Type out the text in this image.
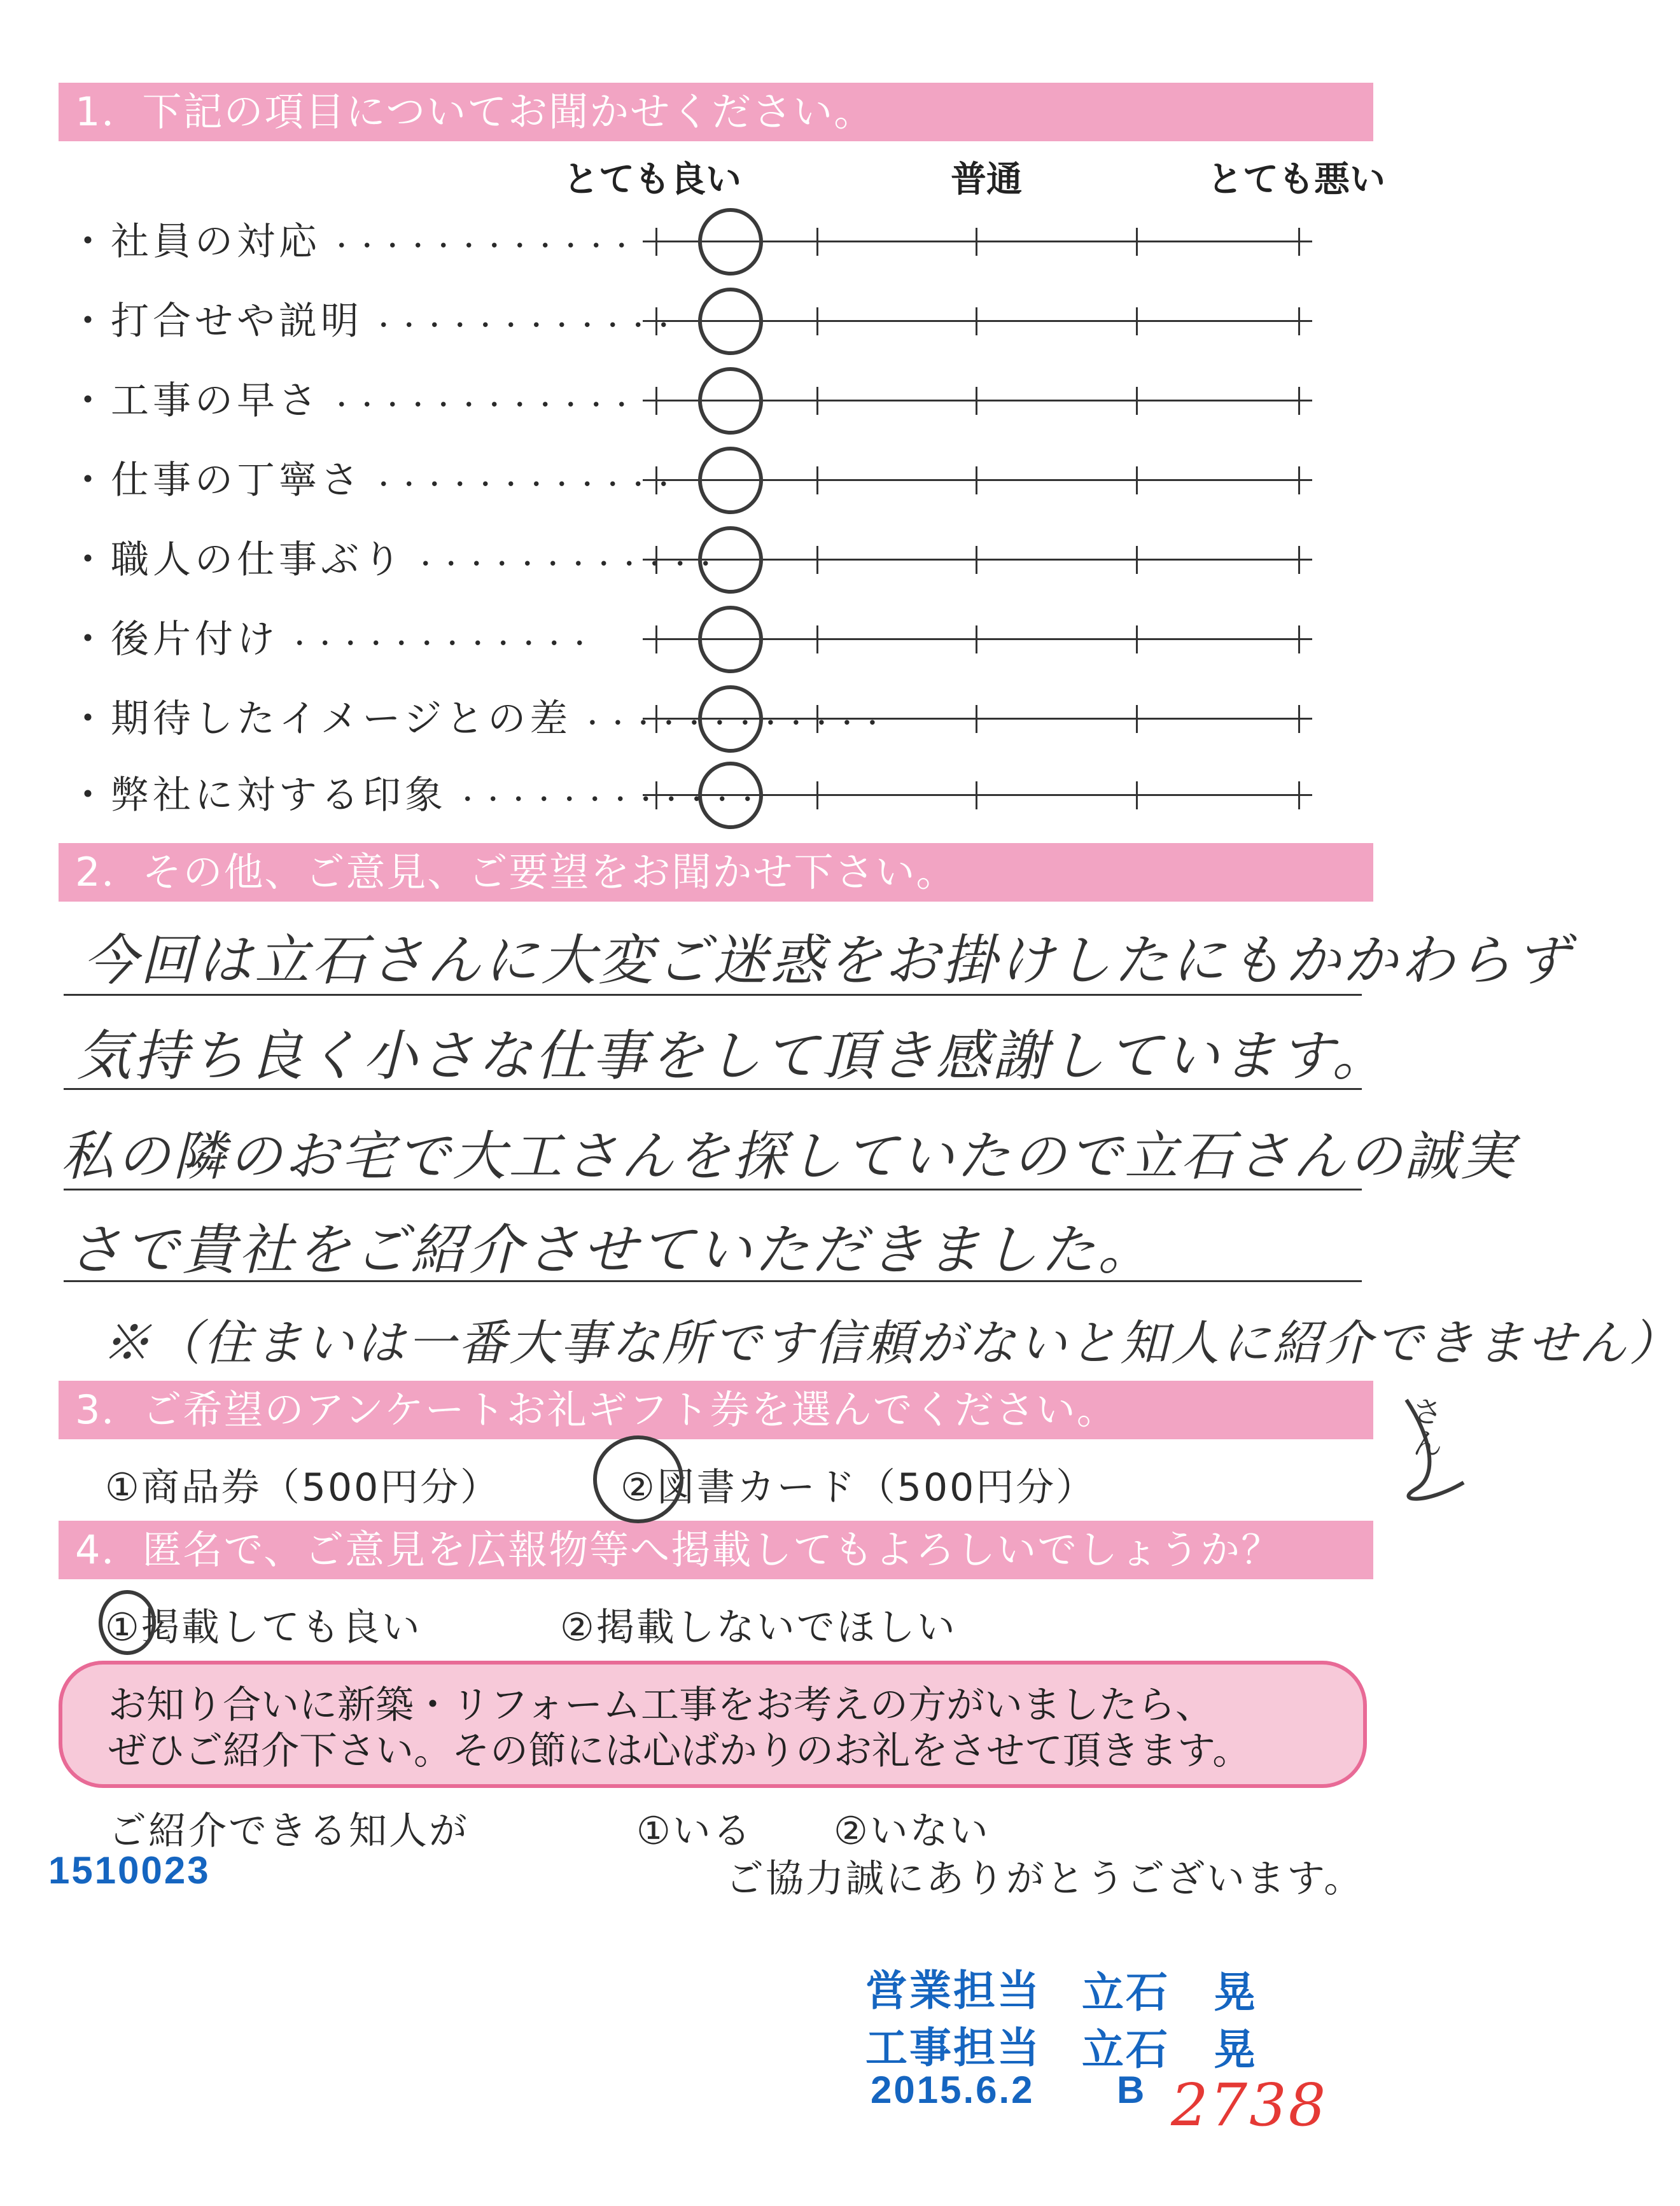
1．下記の項目についてお聞かせください。
とても良い	普通	とても悪い
・社員の対応 ・・・・・・・・・・・・
・打合せや説明 ・・・・・・・・・・・・
・工事の早さ ・・・・・・・・・・・・
・仕事の丁寧さ ・・・・・・・・・・・・
・職人の仕事ぶり ・・・・・・・・・・・・
・後片付け ・・・・・・・・・・・・
・期待したイメージとの差 ・・・・・・・・・・・・
・弊社に対する印象 ・・・・・・・・・・・・
2．その他、ご意見、ご要望をお聞かせ下さい。
今回は立石さんに大変ご迷惑をお掛けしたにもかかわらず
気持ち良く小さな仕事をして頂き感謝しています。
私の隣のお宅で大工さんを探していたので立石さんの誠実
さで貴社をご紹介させていただきました。
※（住まいは一番大事な所です信頼がないと知人に紹介できません）
3．ご希望のアンケートお礼ギフト券を選んでください。
①商品券（500円分）	②図書カード（500円分）
4．匿名で、ご意見を広報物等へ掲載してもよろしいでしょうか？
①掲載しても良い	②掲載しないでほしい
お知り合いに新築・リフォーム工事をお考えの方がいましたら、
ぜひご紹介下さい。その節には心ばかりのお礼をさせて頂きます。
ご紹介できる知人が	①いる ②いない
1510023	ご協力誠にありがとうございます。
営業担当 立石　晃
工事担当 立石　晃
2015.6.2 B 2738
さ
ん
